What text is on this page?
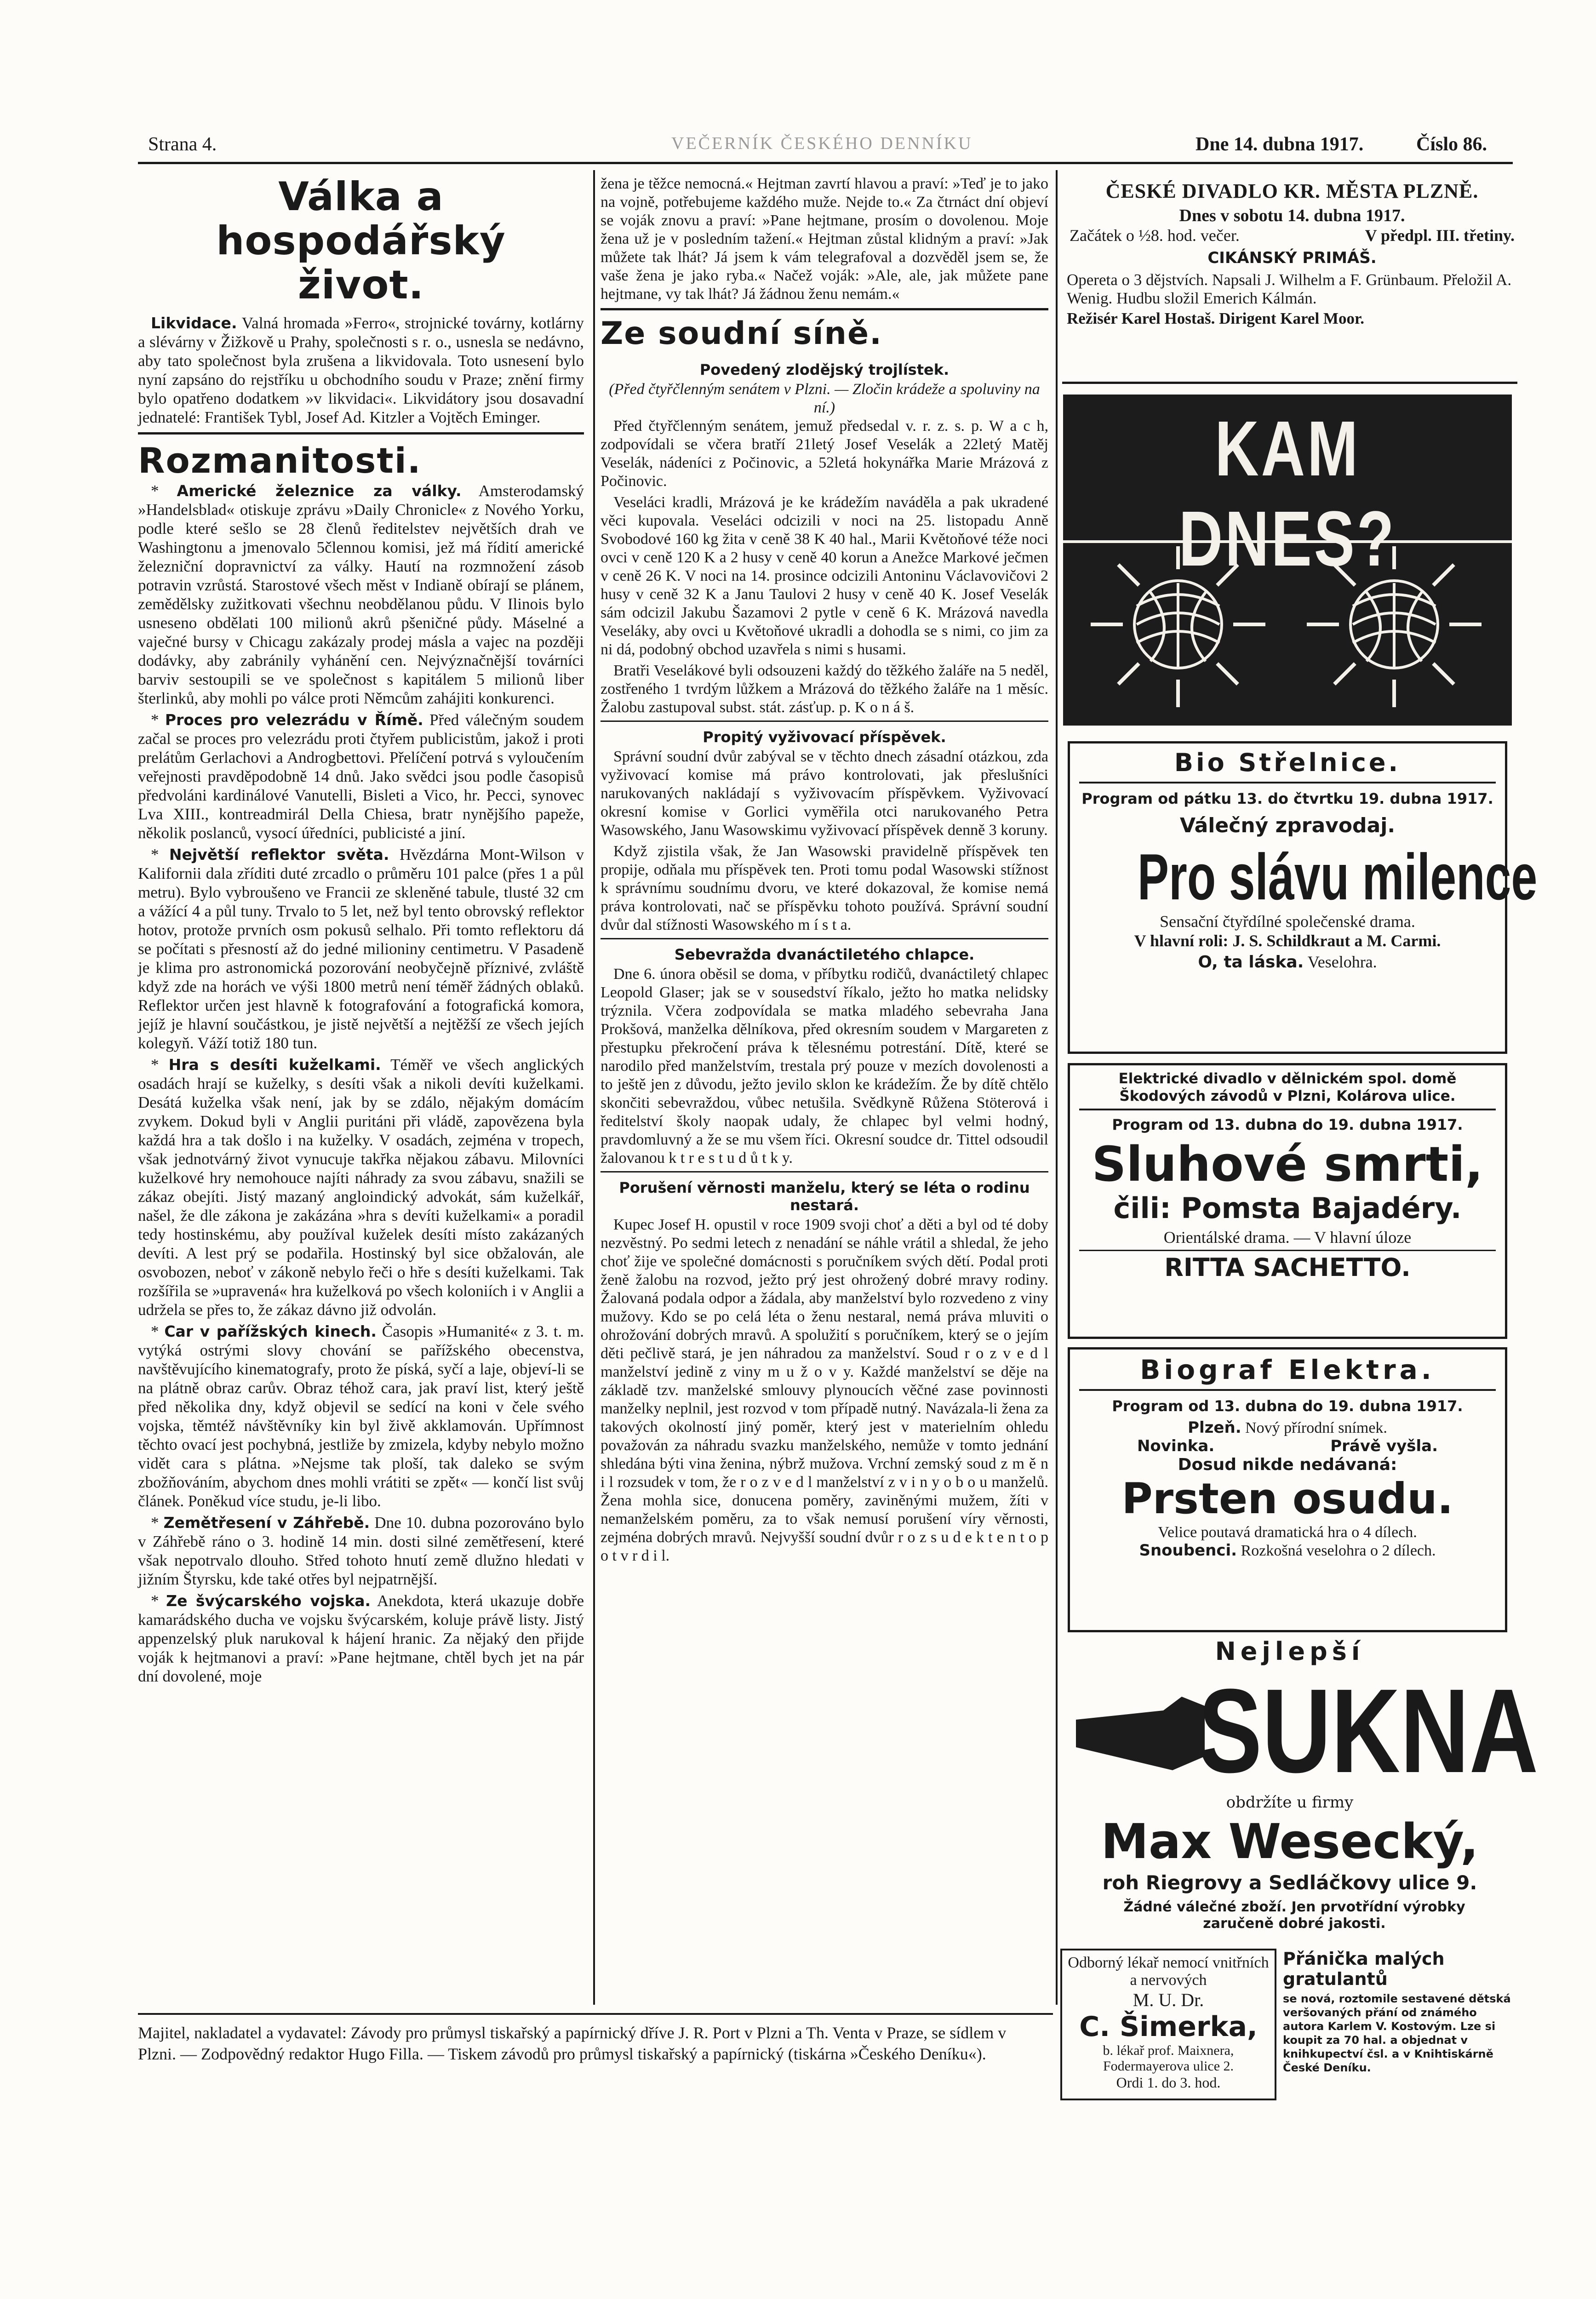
Strana 4.	VEČERNÍK ČESKÉHO DENNÍKU	Dne 14. dubna 1917.	Číslo 86.
Válka a hospodářský
život.

Likvidace. Valná hromada »Ferro«, strojnické továrny, kotlárny a slévárny v Žižkově u Prahy, společnosti s r. o., usnesla se nedávno, aby tato společnost byla zrušena a likvidovala. Toto usnesení bylo nyní zapsáno do rejstříku u obchodního soudu v Praze; znění firmy bylo opatřeno dodatkem »v likvidaci«. Likvidátory jsou dosavadní jednatelé: František Tybl, Josef Ad. Kitzler a Vojtěch Eminger.

Rozmanitosti.

* Americké železnice za války. Amsterodamský »Handelsblad« otiskuje zprávu »Daily Chronicle« z Nového Yorku, podle které sešlo se 28 členů ředitelstev největších drah ve Washingtonu a jmenovalo 5člennou komisi, jež má řídití americké železniční dopravnictví za války. Hautí na rozmnožení zásob potravin vzrůstá. Starostové všech měst v Indianě obírají se plánem, zemědělsky zužitkovati všechnu neobdělanou půdu. V Ilinois bylo usneseno obdělati 100 milionů akrů pšeničné půdy. Máselné a vaječné bursy v Chicagu zakázaly prodej másla a vajec na později dodávky, aby zabránily vyhánění cen. Nejvýznačnější továrníci barviv sestoupili se ve společnost s kapitálem 5 milionů liber šterlinků, aby mohli po válce proti Němcům zahájiti konkurenci.

* Proces pro velezrádu v Římě. Před válečným soudem začal se proces pro velezrádu proti čtyřem publicistům, jakož i proti prelátům Gerlachovi a Androgbettovi. Přelíčení potrvá s vyloučením veřejnosti pravděpodobně 14 dnů. Jako svědci jsou podle časopisů předvoláni kardinálové Vanutelli, Bisleti a Vico, hr. Pecci, synovec Lva XIII., kontreadmirál Della Chiesa, bratr nynějšího papeže, několik poslanců, vysocí úředníci, publicisté a jiní.

* Největší reflektor světa. Hvězdárna Mont-Wilson v Kalifornii dala zříditi duté zrcadlo o průměru 101 palce (přes 1 a půl metru). Bylo vybroušeno ve Francii ze skleněné tabule, tlusté 32 cm a vážící 4 a půl tuny. Trvalo to 5 let, než byl tento obrovský reflektor hotov, protože prvních osm pokusů selhalo. Při tomto reflektoru dá se počítati s přesností až do jedné milioniny centimetru. V Pasadeně je klima pro astronomická pozorování neobyčejně příznivé, zvláště když zde na horách ve výši 1800 metrů není téměř žádných oblaků. Reflektor určen jest hlavně k fotografování a fotografická komora, jejíž je hlavní součástkou, je jistě největší a nejtěžší ze všech jejích kolegyň. Váží totiž 180 tun.

* Hra s desíti kuželkami. Téměř ve všech anglických osadách hrají se kuželky, s desíti však a nikoli devíti kuželkami. Desátá kuželka však není, jak by se zdálo, nějakým domácím zvykem. Dokud byli v Anglii puritáni při vládě, zapovězena byla každá hra a tak došlo i na kuželky. V osadách, zejména v tropech, však jednotvárný život vynucuje takřka nějakou zábavu. Milovníci kuželkové hry nemohouce najíti náhrady za svou zábavu, snažili se zákaz obejíti. Jistý mazaný angloindický advokát, sám kuželkář, našel, že dle zákona je zakázána »hra s devíti kuželkami« a poradil tedy hostinskému, aby používal kuželek desíti místo zakázaných devíti. A lest prý se podařila. Hostinský byl sice obžalován, ale osvobozen, neboť v zákoně nebylo řeči o hře s desíti kuželkami. Tak rozšířila se »upravená« hra kuželková po všech koloniích i v Anglii a udržela se přes to, že zákaz dávno již odvolán.

* Car v pařížských kinech. Časopis »Humanité« z 3. t. m. vytýká ostrými slovy chování se pařížského obecenstva, navštěvujícího kinematografy, proto že píská, syčí a laje, objeví-li se na plátně obraz carův. Obraz téhož cara, jak praví list, který ještě před několika dny, když objevil se sedící na koni v čele svého vojska, těmtéž návštěvníky kin byl živě akklamován. Upřímnost těchto ovací jest pochybná, jestliže by zmizela, kdyby nebylo možno vidět cara s plátna. »Nejsme tak ploší, tak daleko se svým zbožňováním, abychom dnes mohli vrátiti se zpět« — končí list svůj článek. Poněkud více studu, je-li libo.

* Zemětřesení v Záhřebě. Dne 10. dubna pozorováno bylo v Záhřebě ráno o 3. hodině 14 min. dosti silné zemětřesení, které však nepotrvalo dlouho. Střed tohoto hnutí země dlužno hledati v jižním Štyrsku, kde také otřes byl nejpatrnější.

* Ze švýcarského vojska. Anekdota, která ukazuje dobře kamarádského ducha ve vojsku švýcarském, koluje právě listy. Jistý appenzelský pluk narukoval k hájení hranic. Za nějaký den přijde voják k hejtmanovi a praví: »Pane hejtmane, chtěl bych jet na pár dní dovolené, moje

žena je těžce nemocná.« Hejtman zavrtí hlavou a praví: »Teď je to jako na vojně, potřebujeme každého muže. Nejde to.« Za čtrnáct dní objeví se voják znovu a praví: »Pane hejtmane, prosím o dovolenou. Moje žena už je v posledním tažení.« Hejtman zůstal klidným a praví: »Jak můžete tak lhát? Já jsem k vám telegrafoval a dozvěděl jsem se, že vaše žena je jako ryba.« Načež voják: »Ale, ale, jak můžete pane hejtmane, vy tak lhát? Já žádnou ženu nemám.«

Ze soudní síně.
Povedený zlodějský trojlístek.
(Před čtyřčlenným senátem v Plzni. — Zločin krádeže a spoluviny na ní.)

Před čtyřčlenným senátem, jemuž předsedal v. r. z. s. p. W a c h, zodpovídali se včera bratří 21letý Josef Veselák a 22letý Matěj Veselák, nádeníci z Počinovic, a 52letá hokynářka Marie Mrázová z Počinovic.

Veseláci kradli, Mrázová je ke krádežím naváděla a pak ukradené věci kupovala. Veseláci odcizili v noci na 25. listopadu Anně Svobodové 160 kg žita v ceně 38 K 40 hal., Marii Květoňové téže noci ovci v ceně 120 K a 2 husy v ceně 40 korun a Anežce Markové ječmen v ceně 26 K. V noci na 14. prosince odcizili Antoninu Václavovičovi 2 husy v ceně 32 K a Janu Taulovi 2 husy v ceně 40 K. Josef Veselák sám odcizil Jakubu Šazamovi 2 pytle v ceně 6 K. Mrázová navedla Veseláky, aby ovci u Květoňové ukradli a dohodla se s nimi, co jim za ni dá, podobný obchod uzavřela s nimi s husami.

Bratři Veselákové byli odsouzeni každý do těžkého žaláře na 5 neděl, zostřeného 1 tvrdým lůžkem a Mrázová do těžkého žaláře na 1 měsíc. Žalobu zastupoval subst. stát. zásťup. p. K o n á š.

Propitý vyživovací příspěvek.

Správní soudní dvůr zabýval se v těchto dnech zásadní otázkou, zda vyživovací komise má právo kontrolovati, jak přeslušníci narukovaných nakládají s vyživovacím příspěvkem. Vyživovací okresní komise v Gorlici vyměřila otci narukovaného Petra Wasowského, Janu Wasowskimu vyživovací příspěvek denně 3 koruny.

Když zjistila však, že Jan Wasowski pravidelně příspěvek ten propije, odňala mu příspěvek ten. Proti tomu podal Wasowski stížnost k správnímu soudnímu dvoru, ve které dokazoval, že komise nemá práva kontrolovati, nač se příspěvku tohoto používá. Správní soudní dvůr dal stížnosti Wasowského m í s t a.

Sebevražda dvanáctiletého chlapce.

Dne 6. února oběsil se doma, v příbytku rodičů, dvanáctiletý chlapec Leopold Glaser; jak se v sousedství říkalo, ježto ho matka nelidsky trýznila. Včera zodpovídala se matka mladého sebevraha Jana Prokšová, manželka dělníkova, před okresním soudem v Margareten z přestupku překročení práva k tělesnému potrestání. Dítě, které se narodilo před manželstvím, trestala prý pouze v mezích dovolenosti a to ještě jen z důvodu, ježto jevilo sklon ke krádežím. Že by dítě chtělo skončiti sebevraždou, vůbec netušila. Svědkyně Růžena Stöterová i ředitelství školy naopak udaly, že chlapec byl velmi hodný, pravdomluvný a že se mu všem říci. Okresní soudce dr. Tittel odsoudil žalovanou k t r e s t u d ů t k y.

Porušení věrnosti manželu, který se léta o rodinu nestará.

Kupec Josef H. opustil v roce 1909 svoji choť a děti a byl od té doby nezvěstný. Po sedmi letech z nenadání se náhle vrátil a shledal, že jeho choť žije ve společné domácnosti s poručníkem svých dětí. Podal proti ženě žalobu na rozvod, ježto prý jest ohrožený dobré mravy rodiny. Žalovaná podala odpor a žádala, aby manželství bylo rozvedeno z viny mužovy. Kdo se po celá léta o ženu nestaral, nemá práva mluviti o ohrožování dobrých mravů. A spolužití s poručníkem, který se o jejím děti pečlivě stará, je jen náhradou za manželství. Soud r o z v e d l manželství jedině z viny m u ž o v y. Každé manželství se děje na základě tzv. manželské smlouvy plynoucích věčné zase povinnosti manželky neplnil, jest rozvod v tom případě nutný. Navázala-li žena za takových okolností jiný poměr, který jest v materielním ohledu považován za náhradu svazku manželského, nemůže v tomto jednání shledána býti vina ženina, nýbrž mužova. Vrchní zemský soud z m ě n i l rozsudek v tom, že r o z v e d l manželství z v i n y o b o u manželů. Žena mohla sice, donucena poměry, zaviněnými mužem, žíti v nemanželském poměru, za to však nemusí porušení víry věrnosti, zejména dobrých mravů. Nejvyšší soudní dvůr r o z s u d e k t e n t o p o t v r d i l.

ČESKÉ DIVADLO KR. MĚSTA PLZNĚ.
Dnes v sobotu 14. dubna 1917.
Začátek o ½8. hod. večer.	V předpl. III. třetiny.
CIKÁNSKÝ PRIMÁŠ.
Opereta o 3 dějstvích. Napsali J. Wilhelm a F. Grünbaum. Přeložil A. Wenig. Hudbu složil Emerich Kálmán.
Režisér Karel Hostaš. Dirigent Karel Moor.
KAM DNES?
Bio Střelnice.
Program od pátku 13. do čtvrtku 19. dubna 1917.
Válečný zpravodaj.
Pro slávu milence
Sensační čtyřdílné společenské drama.
V hlavní roli: J. S. Schildkraut a M. Carmi.
O, ta láska. Veselohra.
Elektrické divadlo v dělnickém spol. domě Škodových závodů v Plzni, Kolárova ulice.
Program od 13. dubna do 19. dubna 1917.
Sluhové smrti,
čili: Pomsta Bajadéry.
Orientálské drama. — V hlavní úloze
RITTA SACHETTO.
Biograf Elektra.
Program od 13. dubna do 19. dubna 1917.
Plzeň. Nový přírodní snímek.
Novinka.	Právě vyšla.
Dosud nikde nedávaná:
Prsten osudu.
Velice poutavá dramatická hra o 4 dílech.
Snoubenci. Rozkošná veselohra o 2 dílech.
Nejlepší
SUKNA
obdržíte u firmy
Max Wesecký,
roh Riegrovy a Sedláčkovy ulice 9.
Žádné válečné zboží. Jen prvotřídní výrobky zaručeně dobré jakosti.
Odborný lékař nemocí vnitřních a nervových
M. U. Dr.
C. Šimerka,
b. lékař prof. Maixnera, Fodermayerova ulice 2.
Ordi 1. do 3. hod.
Přánička malých gratulantů
se nová, roztomile sestavené dětská veršovaných přání od známého autora Karlem V. Kostovým. Lze si koupit za 70 hal. a objednat v knihkupectví čsl. a v Knihtiskárně České Deníku.
Majitel, nakladatel a vydavatel: Závody pro průmysl tiskařský a papírnický dříve J. R. Port v Plzni a Th. Venta v Praze, se sídlem v
Plzni. — Zodpovědný redaktor Hugo Filla. — Tiskem závodů pro průmysl tiskařský a papírnický (tiskárna »Českého Deníku«).
